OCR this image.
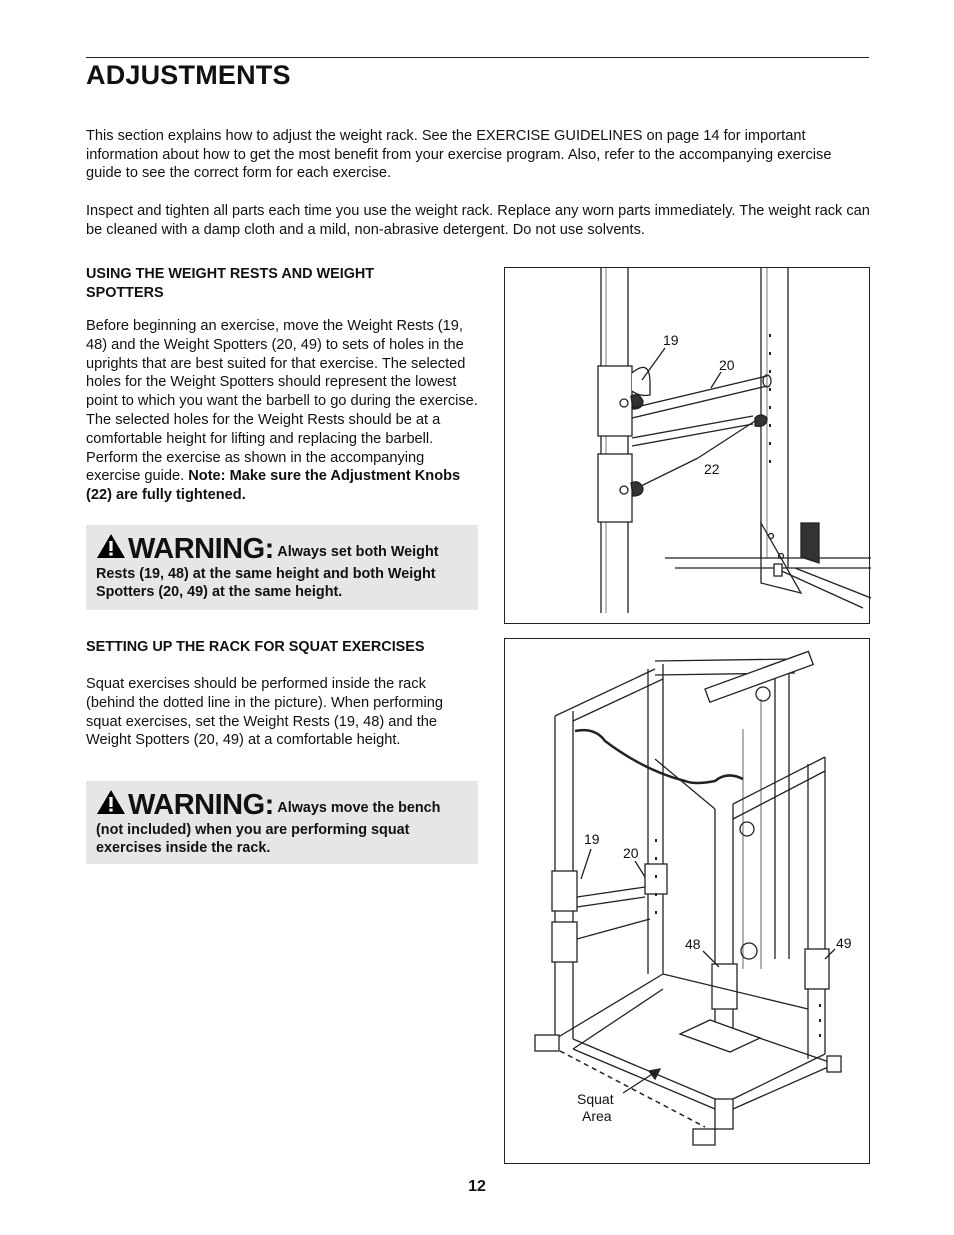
ADJUSTMENTS

This section explains how to adjust the weight rack. See the EXERCISE GUIDELINES on page 14 for important information about how to get the most benefit from your exercise program. Also, refer to the accompanying exercise guide to see the correct form for each exercise.

Inspect and tighten all parts each time you use the weight rack. Replace any worn parts immediately. The weight rack can be cleaned with a damp cloth and a mild, non-abrasive detergent. Do not use solvents.

USING THE WEIGHT RESTS AND WEIGHT SPOTTERS
Before beginning an exercise, move the Weight Rests (19, 48) and the Weight Spotters (20, 49) to sets of holes in the uprights that are best suited for that exercise. The selected holes for the Weight Spotters should represent the lowest point to which you want the barbell to go during the exercise. The selected holes for the Weight Rests should be at a comfortable height for lifting and replacing the barbell. Perform the exercise as shown in the accompanying exercise guide. Note: Make sure the Adjustment Knobs (22) are fully tightened.
WARNING: Always set both Weight Rests (19, 48) at the same height and both Weight Spotters (20, 49) at the same height.
SETTING UP THE RACK FOR SQUAT EXERCISES
Squat exercises should be performed inside the rack (behind the dotted line in the picture). When performing squat exercises, set the Weight Rests (19, 48) and the Weight Spotters (20, 49) at a comfortable height.
WARNING: Always move the bench (not included) when you are performing squat exercises inside the rack.
19
20
22
19
20
48	49
Squat
Area
12
